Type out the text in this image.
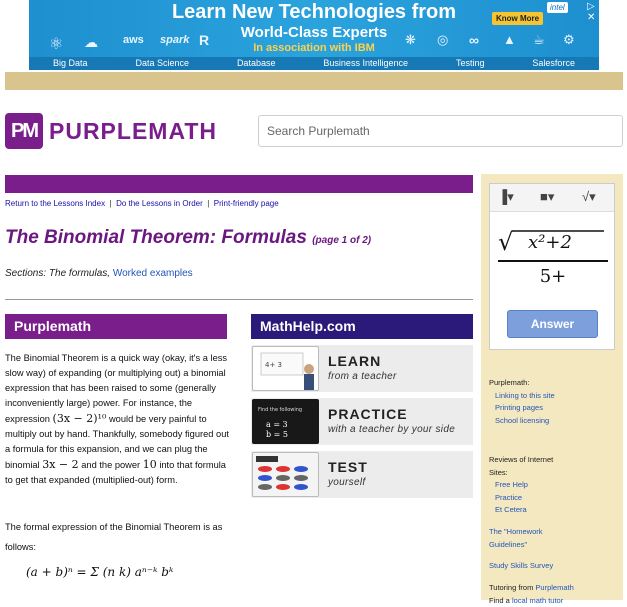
Learn New Technologies from
World-Class Experts
In association with IBM
⚛ ☁ aws spark R	❋ ◎ ∞ ▲ ☕ ⚙
Know More
intel	▷ ✕
Big Data	Data Science	Database	Business Intelligence	Testing	Salesforce
PM PURPLEMATH
Search Purplemath
Return to the Lessons Index  |  Do the Lessons in Order  |  Print-friendly page
The Binomial Theorem: Formulas (page 1 of 2)
Sections: The formulas, Worked examples
Purplemath
The Binomial Theorem is a quick way (okay, it's a less slow way) of expanding (or multiplying out) a binomial expression that has been raised to some (generally inconveniently large) power. For instance, the expression (3x − 2)¹⁰ would be very painful to multiply out by hand. Thankfully, somebody figured out a formula for this expansion, and we can plug the binomial 3x − 2 and the power 10 into that formula to get that expanded (multiplied-out) form.
The formal expression of the Binomial Theorem is as follows:
(a + b)ⁿ = Σ (n k) aⁿ⁻ᵏ bᵏ
MathHelp.com
4+ 3	LEARN
from a teacher
Find the following
a = 3
b = 5
PRACTICE
with a teacher by your side
TEST
yourself
▐▾ ■▾ √▾
√ x²+2
5+
Answer
Purplemath:
Linking to this site
Printing pages
School licensing
Reviews of Internet Sites:
Free Help
Practice
Et Cetera
The "Homework Guidelines"
Study Skills Survey
Tutoring from Purplemath
Find a local math tutor
